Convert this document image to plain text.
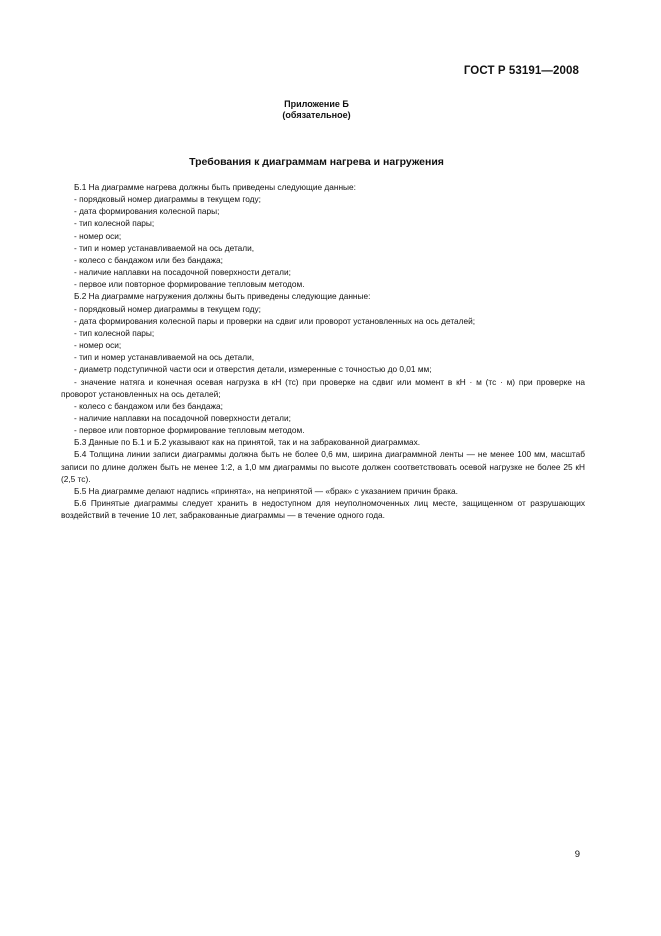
ГОСТ Р 53191—2008
Приложение Б
(обязательное)
Требования к диаграммам нагрева и нагружения

Б.1 На диаграмме нагрева должны быть приведены следующие данные:

- порядковый номер диаграммы в текущем году;

- дата формирования колесной пары;

- тип колесной пары;

- номер оси;

- тип и номер устанавливаемой на ось детали,

- колесо с бандажом или без бандажа;

- наличие наплавки на посадочной поверхности детали;

- первое или повторное формирование тепловым методом.

Б.2 На диаграмме нагружения должны быть приведены следующие данные:

- порядковый номер диаграммы в текущем году;

- дата формирования колесной пары и проверки на сдвиг или проворот установленных на ось деталей;

- тип колесной пары;

- номер оси;

- тип и номер устанавливаемой на ось детали,

- диаметр подступичной части оси и отверстия детали, измеренные с точностью до 0,01 мм;

- значение натяга и конечная осевая нагрузка в кН (тс) при проверке на сдвиг или момент в кН · м (тс · м) при проверке на проворот установленных на ось деталей;

- колесо с бандажом или без бандажа;

- наличие наплавки на посадочной поверхности детали;

- первое или повторное формирование тепловым методом.

Б.3 Данные по Б.1 и Б.2 указывают как на принятой, так и на забракованной диаграммах.

Б.4 Толщина линии записи диаграммы должна быть не более 0,6 мм, ширина диаграммной ленты — не менее 100 мм, масштаб записи по длине должен быть не менее 1:2, а 1,0 мм диаграммы по высоте должен соответствовать осевой нагрузке не более 25 кН (2,5 тс).

Б.5 На диаграмме делают надпись «принята», на непринятой — «брак» с указанием причин брака.

Б.6 Принятые диаграммы следует хранить в недоступном для неуполномоченных лиц месте, защищенном от разрушающих воздействий в течение 10 лет, забракованные диаграммы — в течение одного года.

9
